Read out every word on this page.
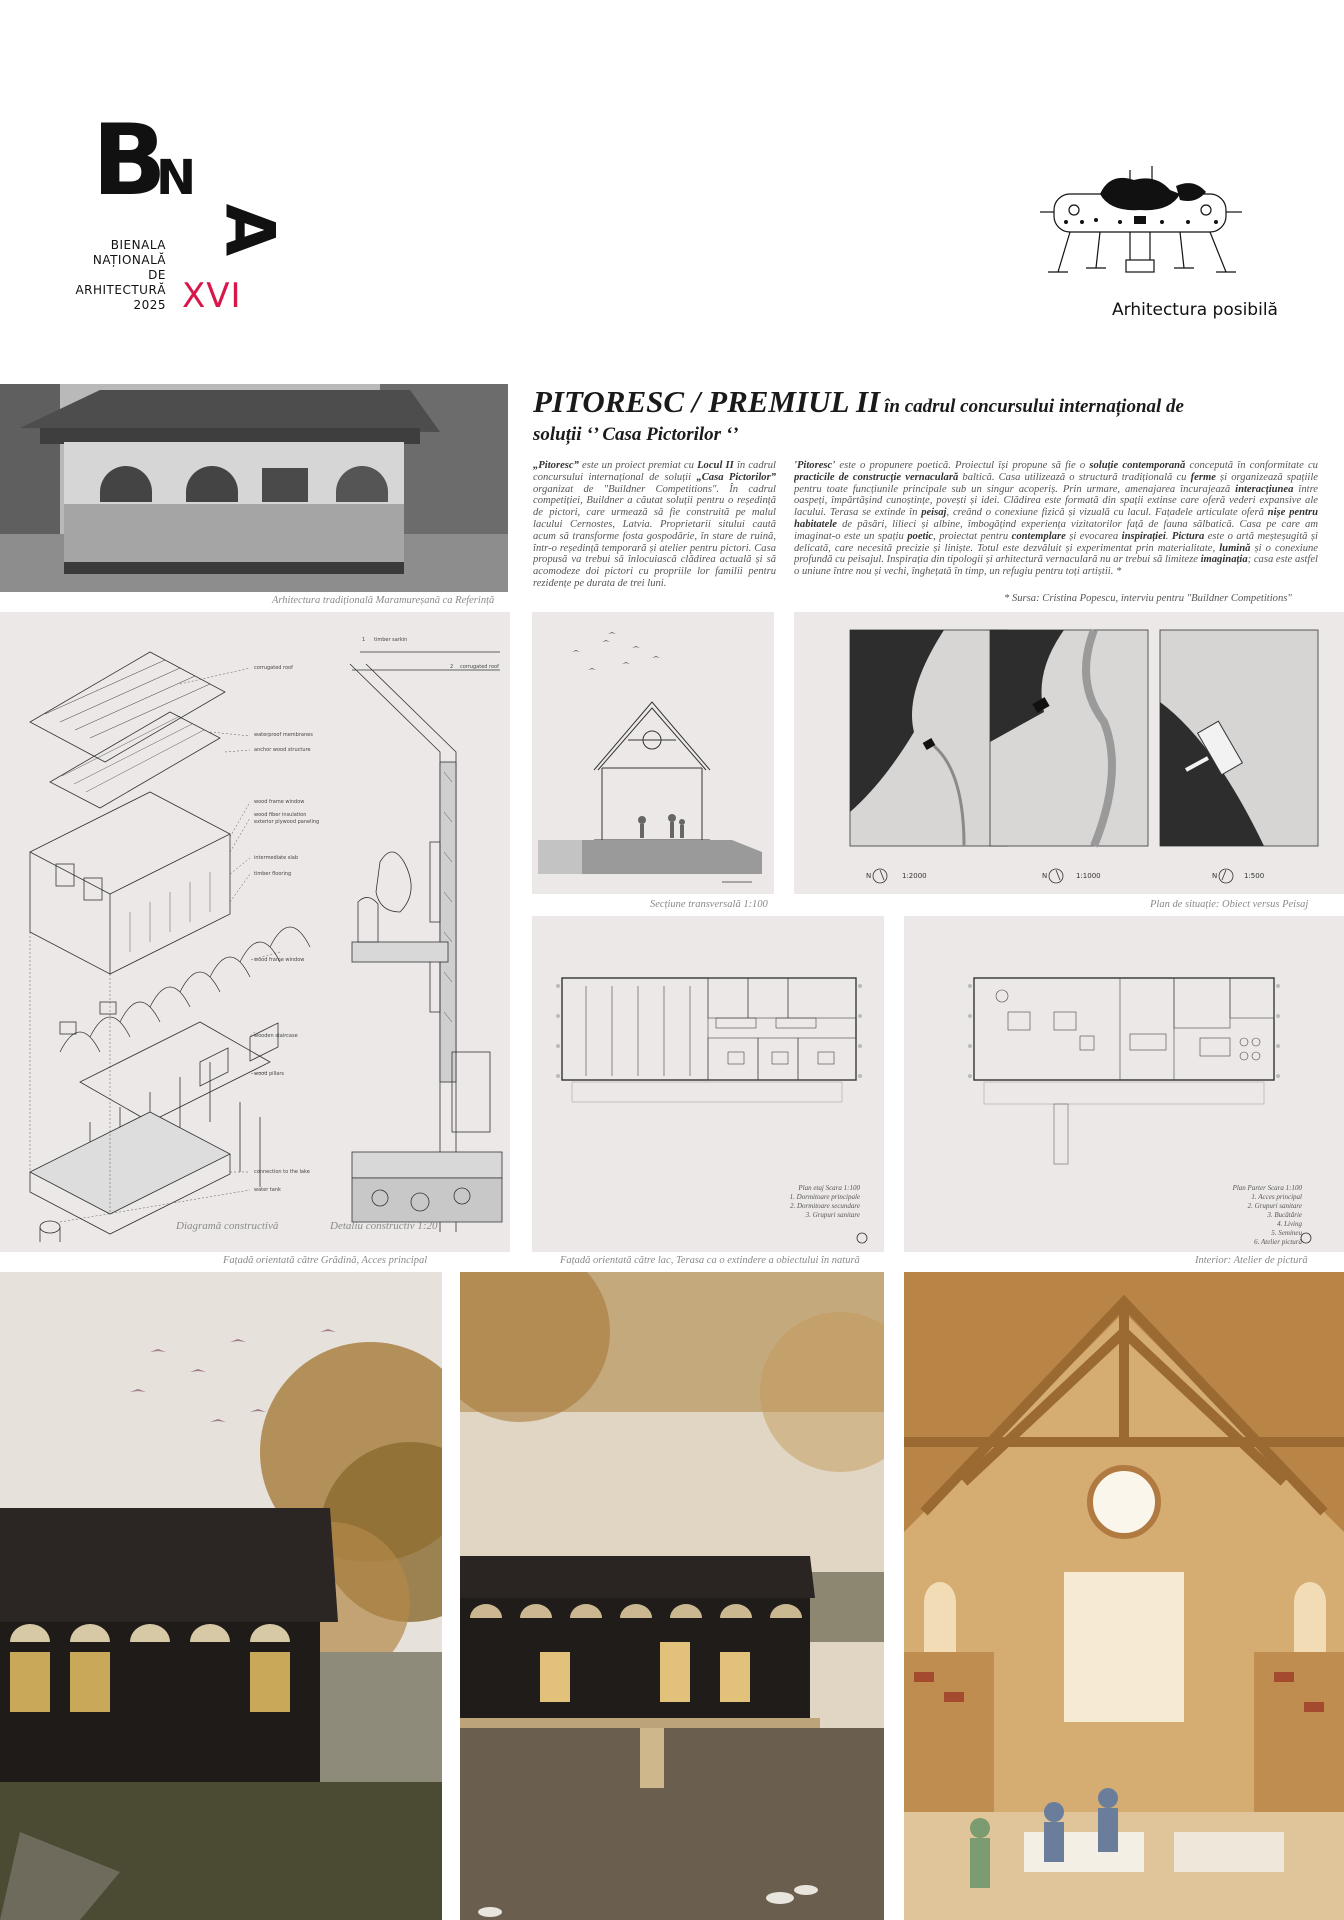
B
N
A
BIENALA
NAȚIONALĂ
DE
ARHITECTURĂ
2025 XVI	Arhitectura posibilă
Arhitectura tradițională Maramureșană ca Referință
PITORESC / PREMIUL II în cadrul concursului internațional de
soluții ‘’ Casa Pictorilor ‘’
„Pitoresc” este un proiect premiat cu Locul II în cadrul concursului internațional de soluții „Casa Pictorilor” organizat de "Buildner Competitions". În cadrul competiției, Buildner a căutat soluții pentru o reședință de pictori, care urmează să fie construită pe malul lacului Cernostes, Latvia. Proprietarii sitului caută acum să transforme fosta gospodărie, în stare de ruină, într-o reședință temporară și atelier pentru pictori. Casa propusă va trebui să înlocuiască clădirea actuală și să acomodeze doi pictori cu propriile lor familii pentru rezidențe pe durata de trei luni.
'Pitoresc' este o propunere poetică. Proiectul își propune să fie o soluție contemporană concepută în conformitate cu practicile de construcție vernaculară baltică. Casa utilizează o structură tradițională cu ferme și organizează spațiile pentru toate funcțiunile principale sub un singur acoperiș. Prin urmare, amenajarea încurajează interacțiunea între oaspeți, împărtășind cunoștințe, povești și idei. Clădirea este formată din spații extinse care oferă vederi expansive ale lacului. Terasa se extinde în peisaj, creând o conexiune fizică și vizuală cu lacul. Fațadele articulate oferă nișe pentru habitatele de păsări, lilieci și albine, îmbogățind experiența vizitatorilor față de fauna sălbatică. Casa pe care am imaginat-o este un spațiu poetic, proiectat pentru contemplare și evocarea inspirației. Pictura este o artă meșteșugită și delicată, care necesită precizie și liniște. Totul este dezvăluit și experimentat prin materialitate, lumină și o conexiune profundă cu peisajul. Inspirația din tipologii și arhitectură vernaculară nu ar trebui să limiteze imaginația; casa este astfel o uniune între nou și vechi, înghețată în timp, un refugiu pentru toți artiștii. *
* Sursa: Cristina Popescu, interviu pentru "Buildner Competitions"
corrugated roof
waterproof membranes
anchor wood structure
wood frame window
wood fiber insulation
exterior plywood paneling
intermediate slab
timber flooring
wood frame window
wooden staircase
wood pillars
connection to the lake
water tank
1 timber sarkin
2 corrugated roof
Diagramă constructivă	Detaliu constructiv 1:20
Secțiune transversală 1:100
N	1:2000	N	1:1000	N	1:500
Plan de situație: Obiect versus Peisaj
Plan etaj Scara 1:100
1. Dormitoare principale
2. Dormitoare secundare
3. Grupuri sanitare
Plan Parter Scara 1:100
1. Acces principal
2. Grupuri sanitare
3. Bucătărie
4. Living
5. Semineu
6. Atelier pictură
Fațadă orientată către Grădină, Acces principal	Fațadă orientată către lac, Terasa ca o extindere a obiectului în natură	Interior: Atelier de pictură
